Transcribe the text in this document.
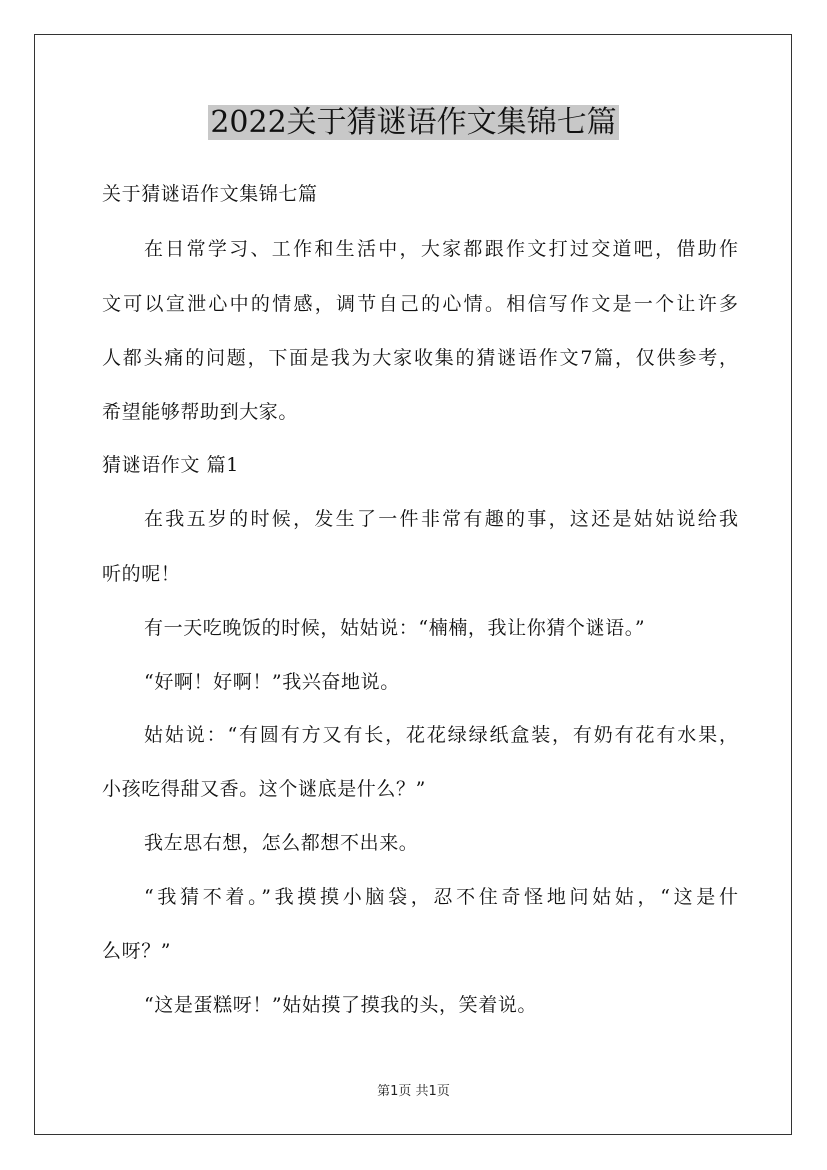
2022关于猜谜语作文集锦七篇
关于猜谜语作文集锦七篇
在日常学习、工作和生活中，大家都跟作文打过交道吧，借助作
文可以宣泄心中的情感，调节自己的心情。相信写作文是一个让许多
人都头痛的问题，下面是我为大家收集的猜谜语作文7篇，仅供参考，
希望能够帮助到大家。
猜谜语作文 篇1
在我五岁的时候，发生了一件非常有趣的事，这还是姑姑说给我
听的呢！
有一天吃晚饭的时候，姑姑说：“楠楠，我让你猜个谜语。”
“好啊！好啊！”我兴奋地说。
姑姑说：“有圆有方又有长，花花绿绿纸盒装，有奶有花有水果，
小孩吃得甜又香。这个谜底是什么？”
我左思右想，怎么都想不出来。
“我猜不着。”我摸摸小脑袋，忍不住奇怪地问姑姑，“这是什
么呀？”
“这是蛋糕呀！”姑姑摸了摸我的头，笑着说。
第1页 共1页
